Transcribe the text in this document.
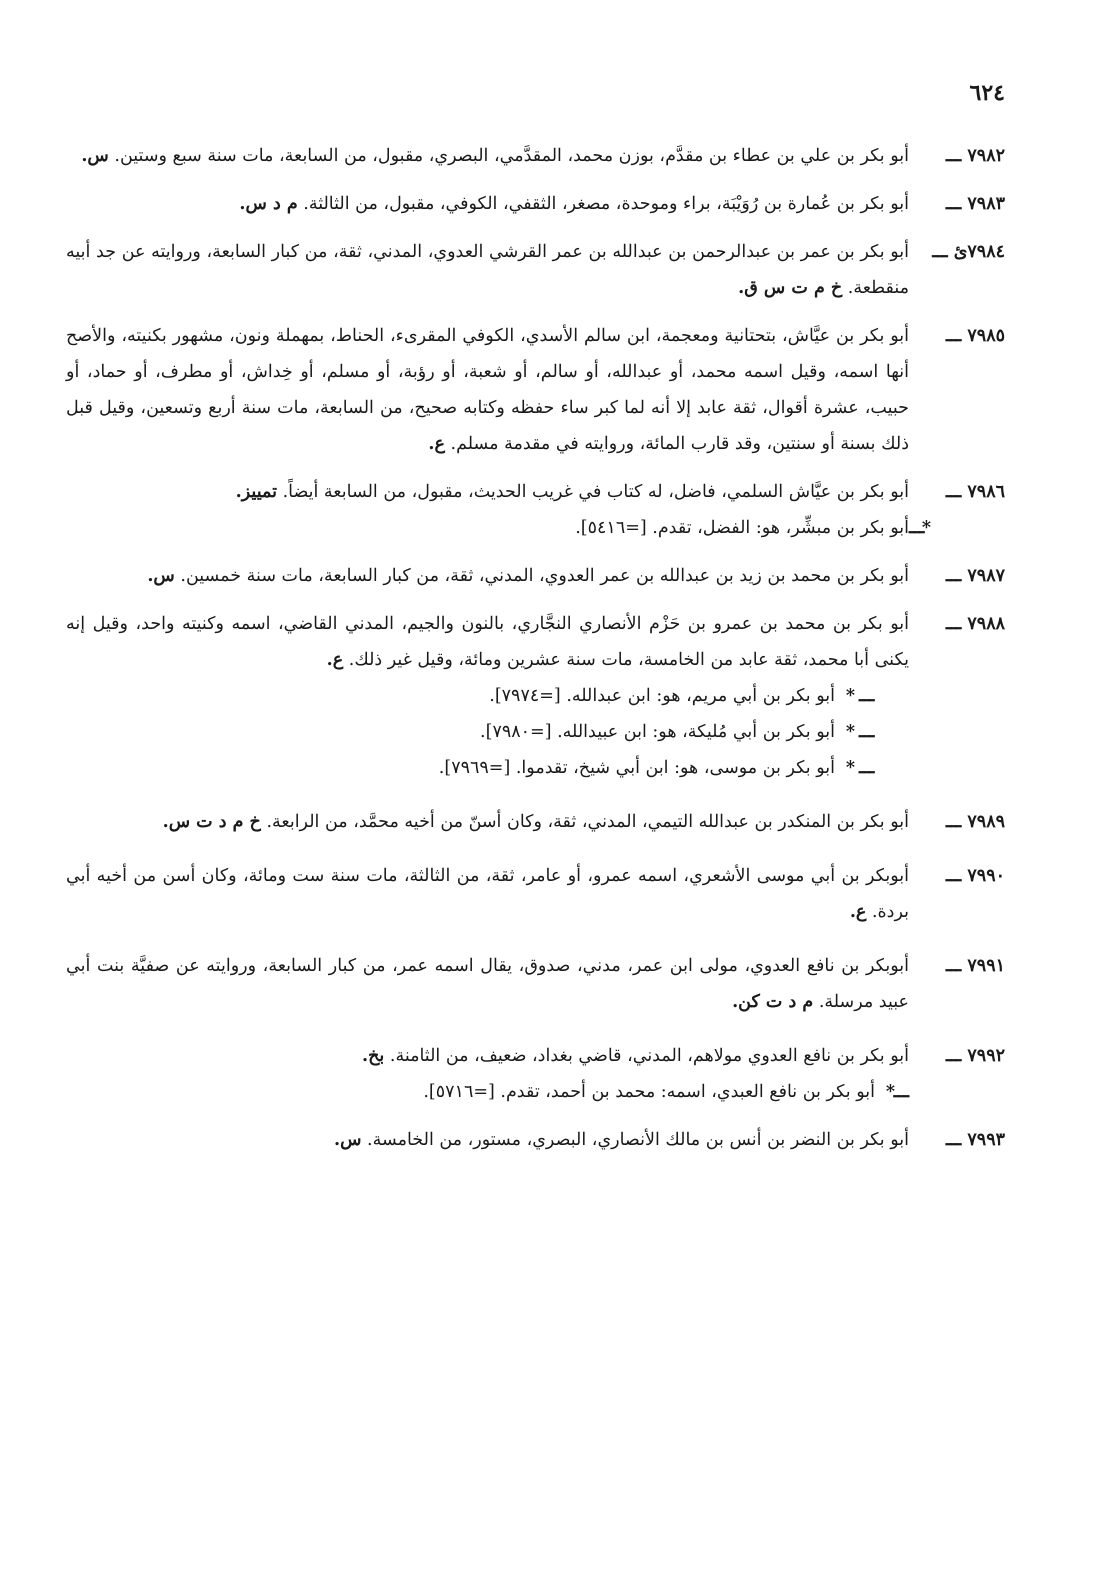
٦٢٤
٧٩٨٢ ـــ
أبو بكر بن علي بن عطاء بن مقدَّم، بوزن محمد، المقدَّمي، البصري، مقبول، من السابعة، مات سنة سبع وستين. س.
٧٩٨٣ ـــ
أبو بكر بن عُمارة بن رُوَيْبَة، براء وموحدة، مصغر، الثقفي، الكوفي، مقبول، من الثالثة. م د س.
٧٩٨٤ئ ـــ
أبو بكر بن عمر بن عبدالرحمن بن عبدالله بن عمر القرشي العدوي، المدني، ثقة، من كبار السابعة، وروايته عن جد أبيه منقطعة. خ م ت س ق.
٧٩٨٥ ـــ
أبو بكر بن عيَّاش، بتحتانية ومعجمة، ابن سالم الأسدي، الكوفي المقرىء، الحناط، بمهملة ونون، مشهور بكنيته، والأصح أنها اسمه، وقيل اسمه محمد، أو عبدالله، أو سالم، أو شعبة، أو رؤبة، أو مسلم، أو خِداش، أو مطرف، أو حماد، أو حبيب، عشرة أقوال، ثقة عابد إلا أنه لما كبر ساء حفظه وكتابه صحيح، من السابعة، مات سنة أربع وتسعين، وقيل قبل ذلك بسنة أو سنتين، وقد قارب المائة، وروايته في مقدمة مسلم. ع.
٧٩٨٦ ـــ
أبو بكر بن عيَّاش السلمي، فاضل، له كتاب في غريب الحديث، مقبول، من السابعة أيضاً. تمييز.
*
ـــ
أبو بكر بن مبشِّر، هو: الفضل، تقدم. [=٥٤١٦].
٧٩٨٧ ـــ
أبو بكر بن محمد بن زيد بن عبدالله بن عمر العدوي، المدني، ثقة، من كبار السابعة، مات سنة خمسين. س.
٧٩٨٨ ـــ
أبو بكر بن محمد بن عمرو بن حَزْم الأنصاري النجَّاري، بالنون والجيم، المدني القاضي، اسمه وكنيته واحد، وقيل إنه يكنى أبا محمد، ثقة عابد من الخامسة، مات سنة عشرين ومائة، وقيل غير ذلك. ع.
* ـــ
أبو بكر بن أبي مريم، هو: ابن عبدالله. [=٧٩٧٤].
* ـــ
أبو بكر بن أبي مُليكة، هو: ابن عبيدالله. [=٧٩٨٠].
* ـــ
أبو بكر بن موسى، هو: ابن أبي شيخ، تقدموا. [=٧٩٦٩].
٧٩٨٩ ـــ
أبو بكر بن المنكدر بن عبدالله التيمي، المدني، ثقة، وكان أسنّ من أخيه محمَّد، من الرابعة. خ م د ت س.
٧٩٩٠ ـــ
أبوبكر بن أبي موسى الأشعري، اسمه عمرو، أو عامر، ثقة، من الثالثة، مات سنة ست ومائة، وكان أسن من أخيه أبي بردة. ع.
٧٩٩١ ـــ
أبوبكر بن نافع العدوي، مولى ابن عمر، مدني، صدوق، يقال اسمه عمر، من كبار السابعة، وروايته عن صفيَّة بنت أبي عبيد مرسلة. م د ت كن.
٧٩٩٢ ـــ
أبو بكر بن نافع العدوي مولاهم، المدني، قاضي بغداد، ضعيف، من الثامنة. بخ.
*
ـــ
أبو بكر بن نافع العبدي، اسمه: محمد بن أحمد، تقدم. [=٥٧١٦].
٧٩٩٣ ـــ
أبو بكر بن النضر بن أنس بن مالك الأنصاري، البصري، مستور، من الخامسة. س.
